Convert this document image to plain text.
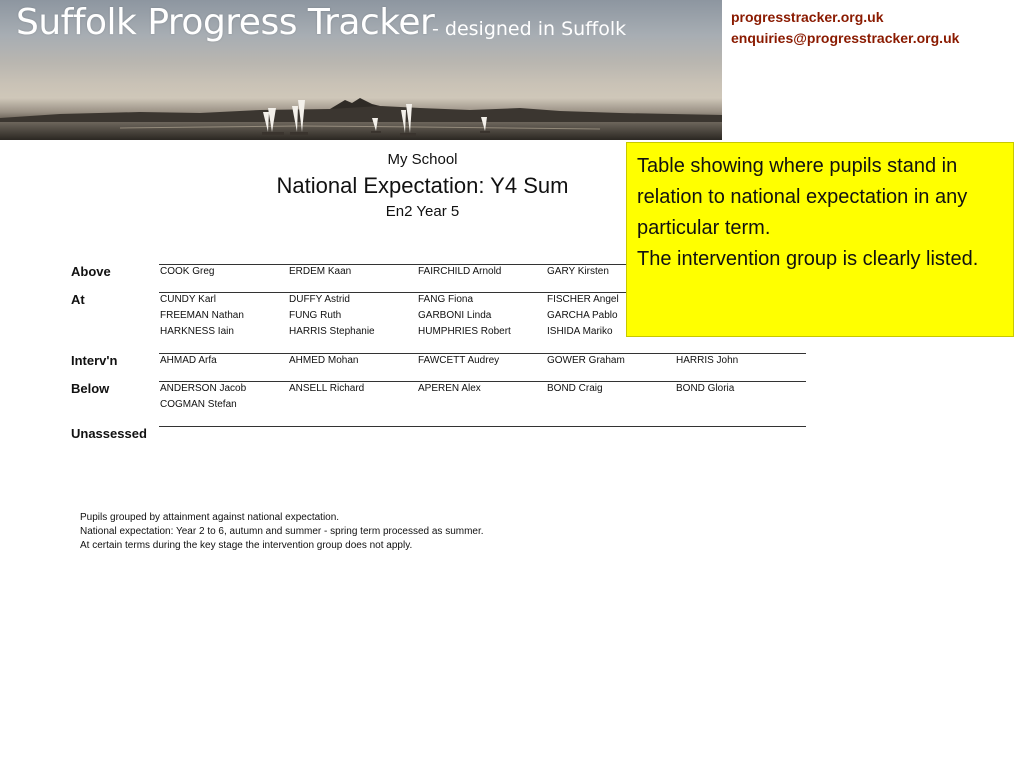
Suffolk Progress Tracker
- designed in Suffolk
progresstracker.org.uk
enquiries@progresstracker.org.uk
My School
National Expectation: Y4 Sum
En2 Year 5
Above	COOK Greg	ERDEM Kaan	FAIRCHILD Arnold	GARY Kirsten
At	CUNDY Karl	DUFFY Astrid	FANG Fiona	FISCHER Angel
FREEMAN Nathan	FUNG Ruth	GARBONI Linda	GARCHA Pablo
HARKNESS Iain	HARRIS Stephanie	HUMPHRIES Robert	ISHIDA Mariko
Interv'n	AHMAD Arfa	AHMED Mohan	FAWCETT Audrey	GOWER Graham	HARRIS John
Below	ANDERSON Jacob	ANSELL Richard	APEREN Alex	BOND Craig	BOND Gloria
COGMAN Stefan
Unassessed
Pupils grouped by attainment against national expectation.
National expectation: Year 2 to 6, autumn and summer - spring term processed as summer.
At certain terms during the key stage the intervention group does not apply.
Table showing where pupils stand in relation to national expectation in any particular term.
The intervention group is clearly listed.
